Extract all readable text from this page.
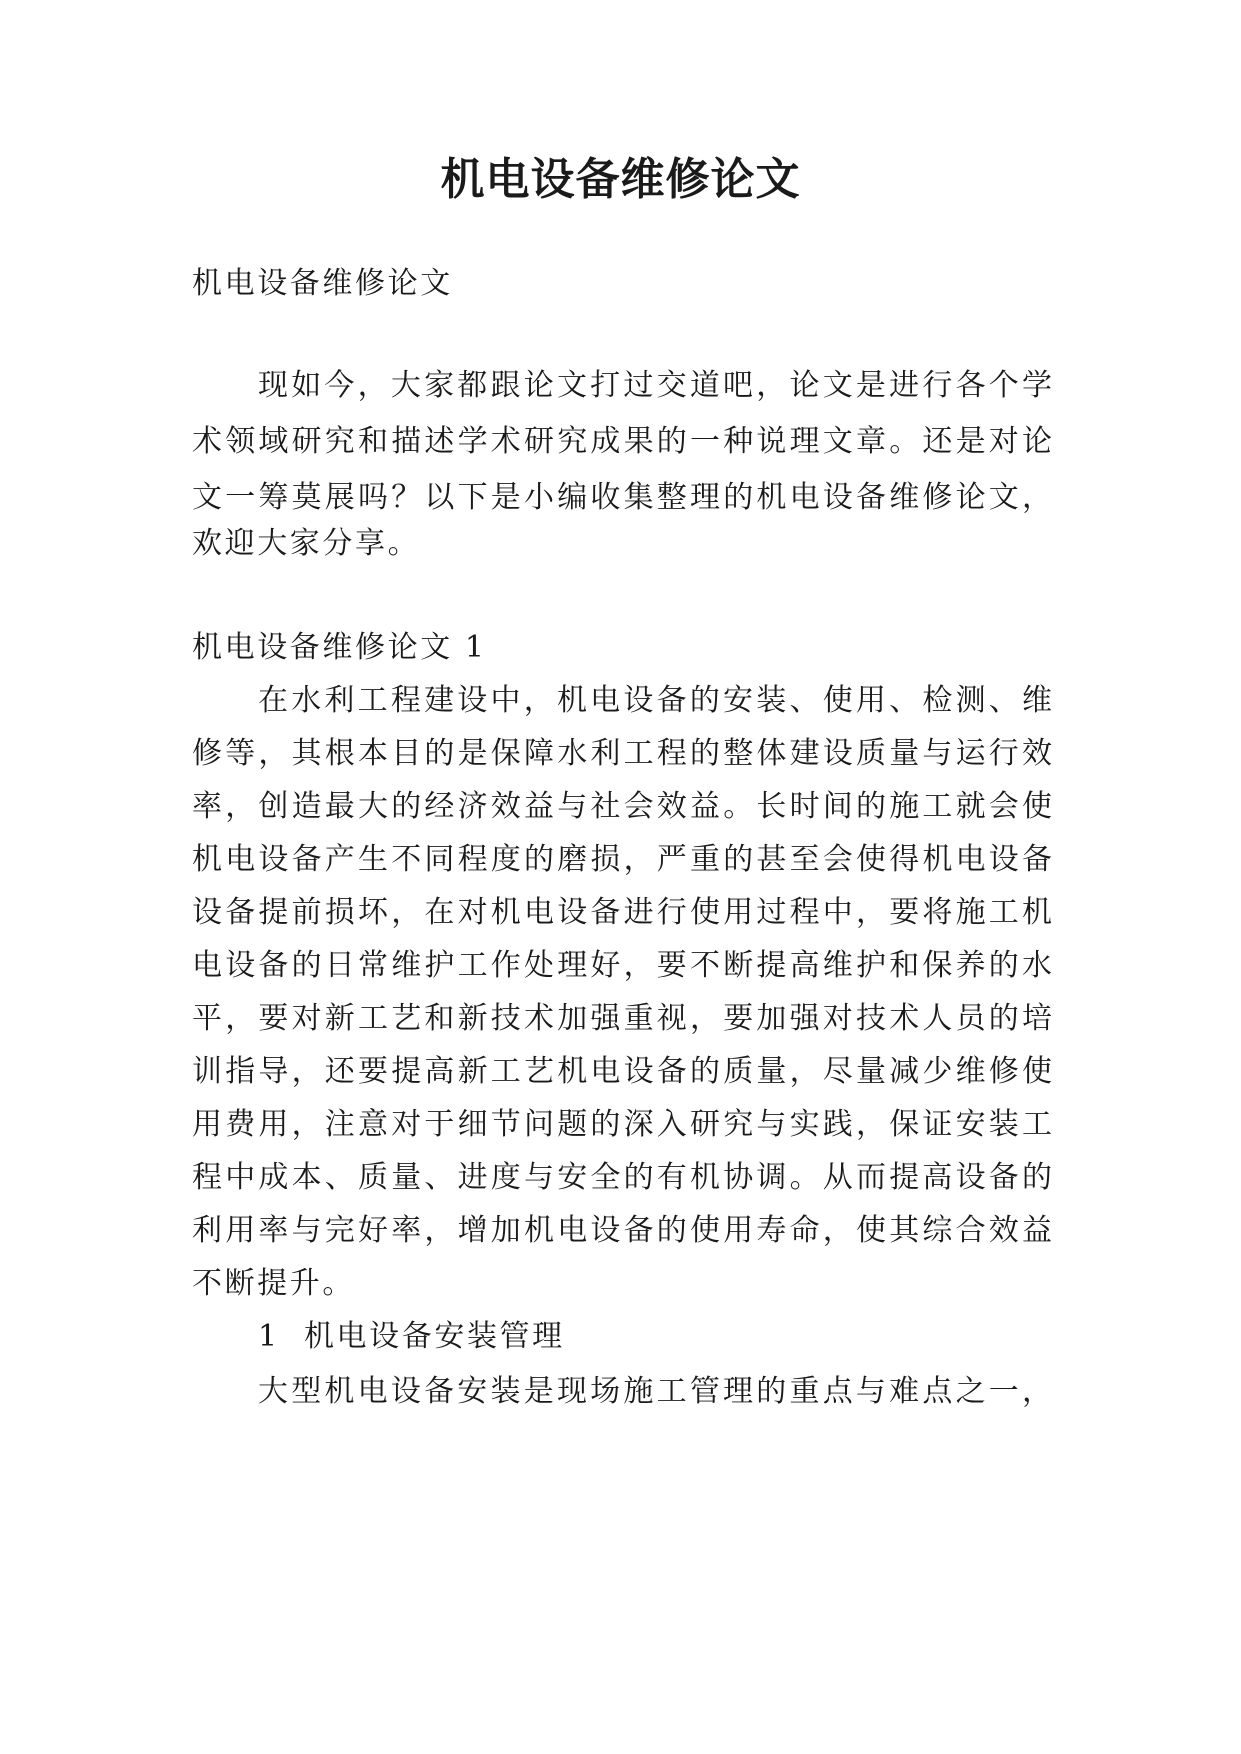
机电设备维修论文
机电设备维修论文
现如今，大家都跟论文打过交道吧，论文是进行各个学
术领域研究和描述学术研究成果的一种说理文章。还是对论
文一筹莫展吗？以下是小编收集整理的机电设备维修论文，
欢迎大家分享。
机电设备维修论文 1
在水利工程建设中，机电设备的安装、使用、检测、维
修等，其根本目的是保障水利工程的整体建设质量与运行效
率，创造最大的经济效益与社会效益。长时间的施工就会使
机电设备产生不同程度的磨损，严重的甚至会使得机电设备
设备提前损坏，在对机电设备进行使用过程中，要将施工机
电设备的日常维护工作处理好，要不断提高维护和保养的水
平，要对新工艺和新技术加强重视，要加强对技术人员的培
训指导，还要提高新工艺机电设备的质量，尽量减少维修使
用费用，注意对于细节问题的深入研究与实践，保证安装工
程中成本、质量、进度与安全的有机协调。从而提高设备的
利用率与完好率，增加机电设备的使用寿命，使其综合效益
不断提升。
1  机电设备安装管理
大型机电设备安装是现场施工管理的重点与难点之一，
